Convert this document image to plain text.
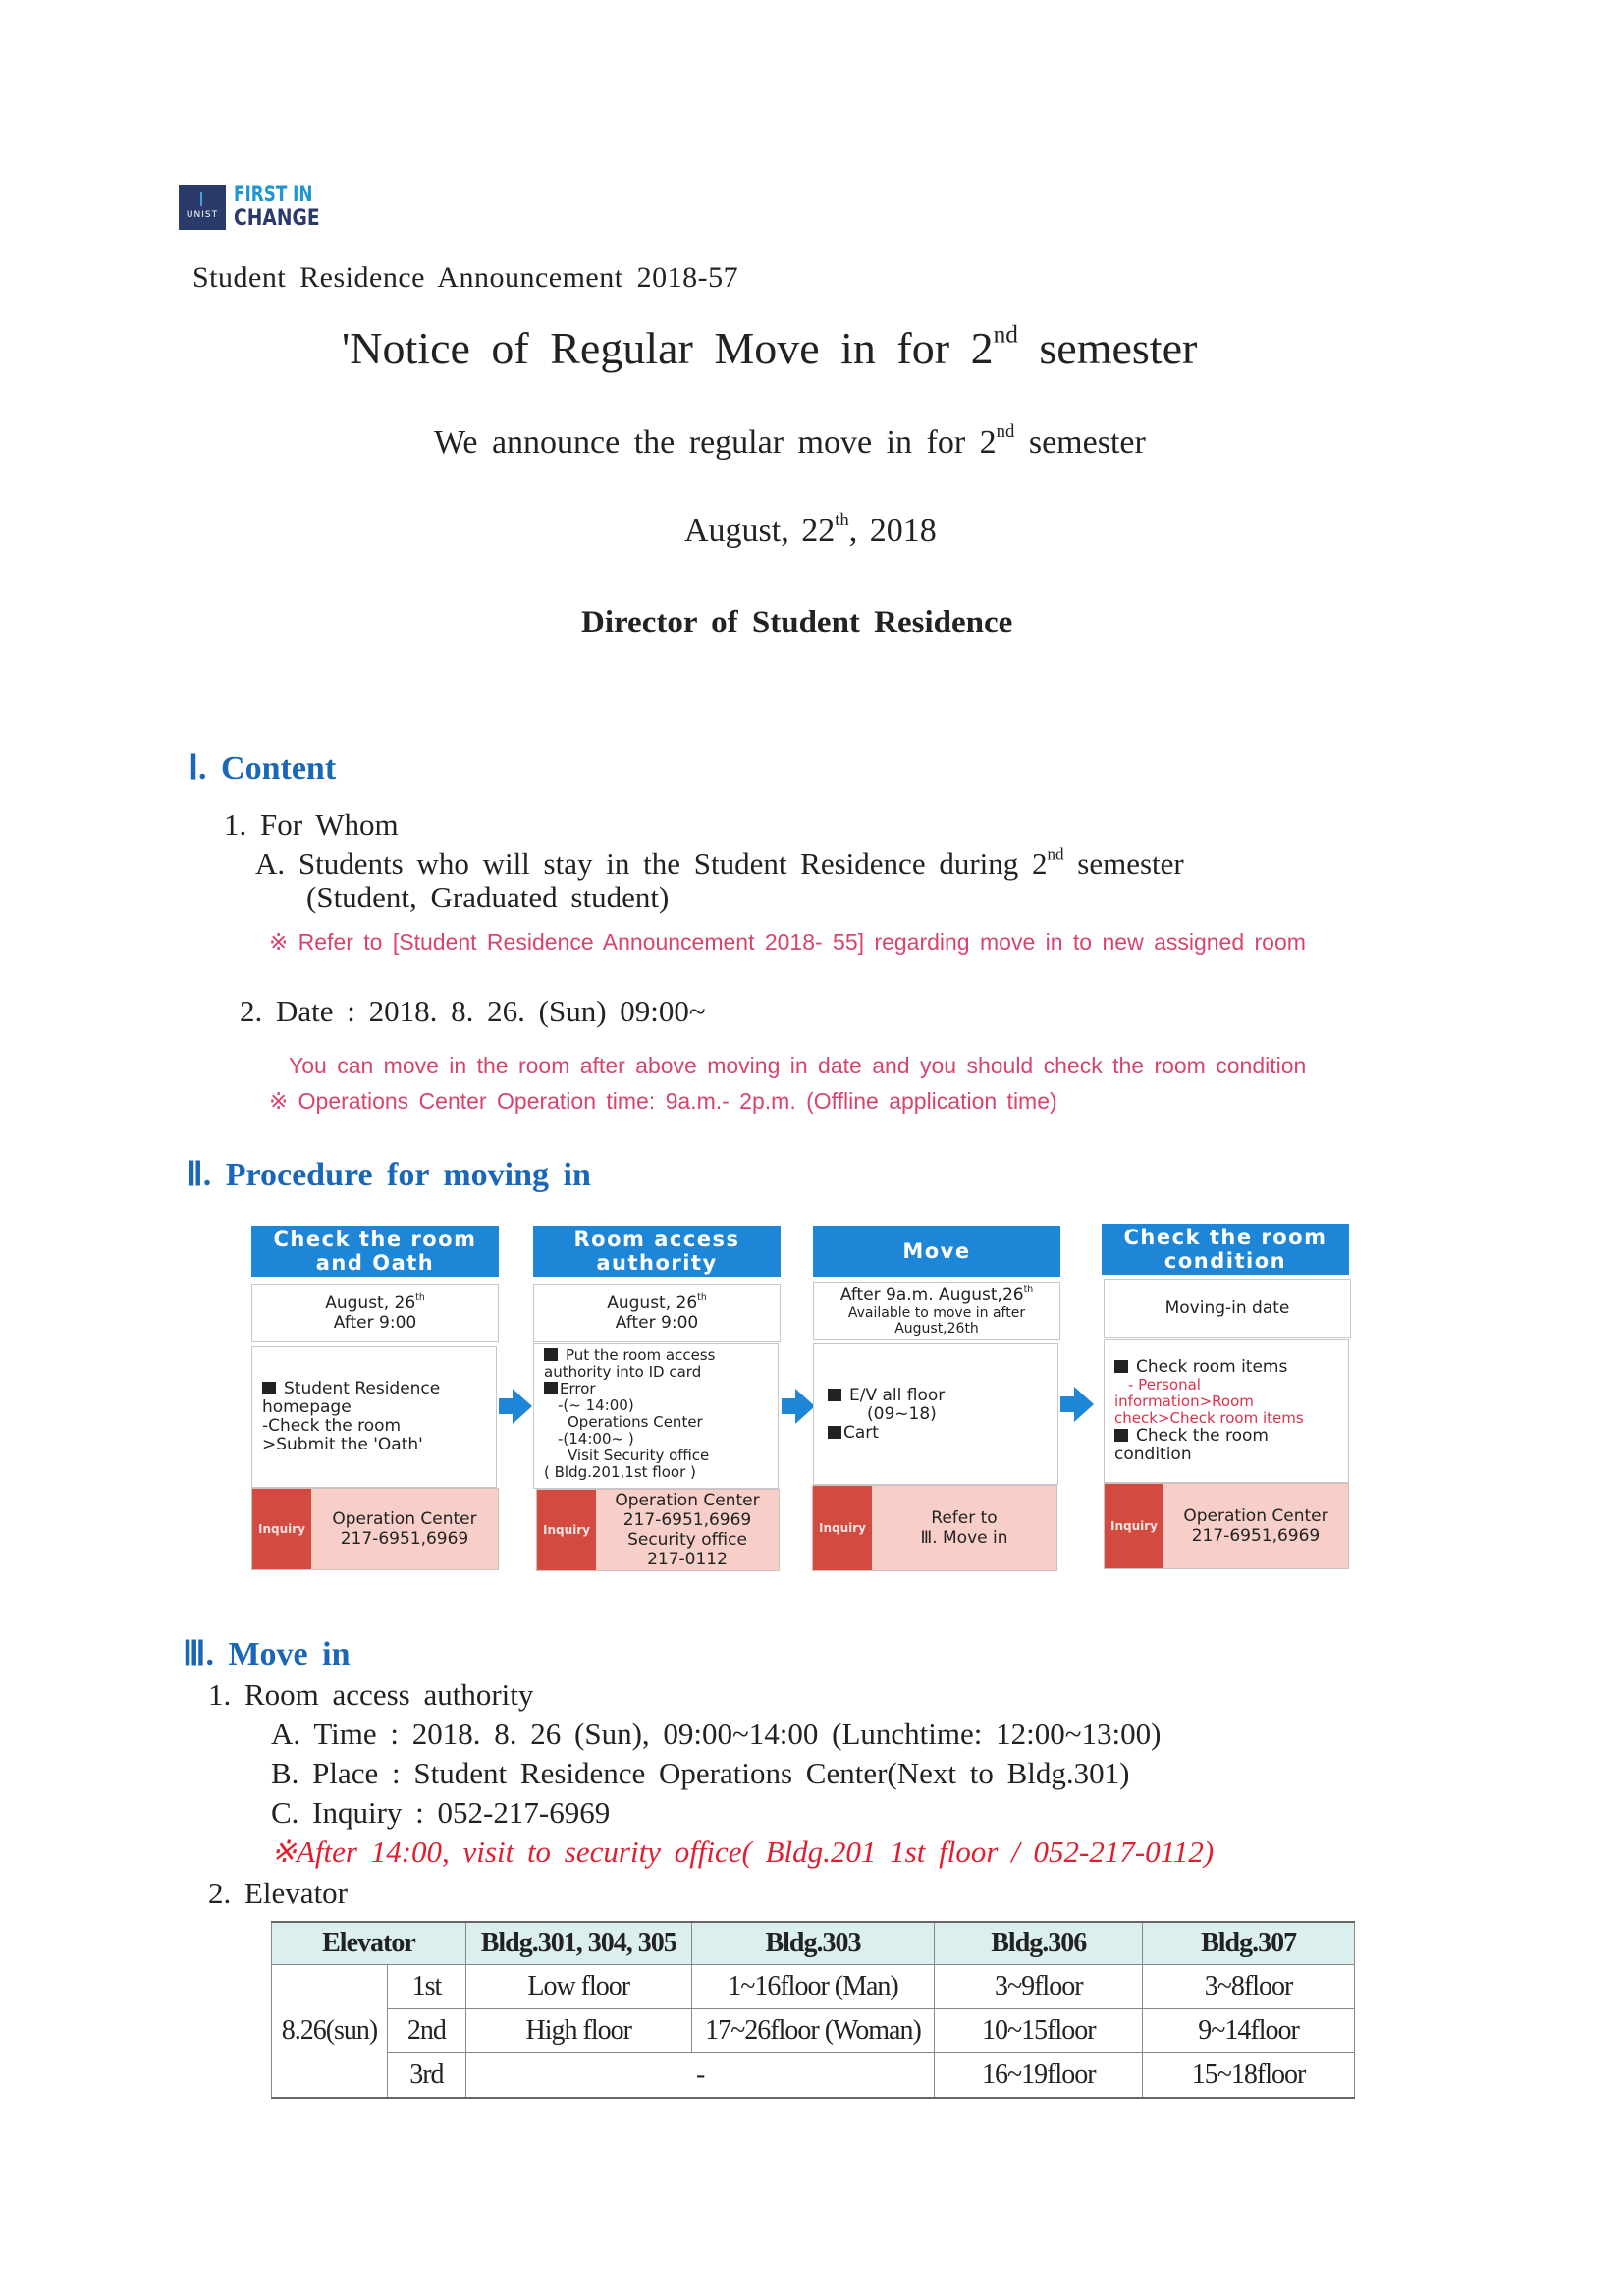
UNIST
FIRST IN
CHANGE
Student Residence Announcement 2018-57
'Notice of Regular Move in for 2nd semester
We announce the regular move in for 2nd semester
August, 22th, 2018
Director of Student Residence
Ⅰ. Content
1. For Whom
A. Students who will stay in the Student Residence during 2nd semester
(Student, Graduated student)
※ Refer to [Student Residence Announcement 2018- 55] regarding move in to new assigned room
2. Date : 2018. 8. 26. (Sun) 09:00~
You can move in the room after above moving in date and you should check the room condition
※ Operations Center Operation time: 9a.m.- 2p.m. (Offline application time)
Ⅱ. Procedure for moving in
Check the room
and Oath
August, 26th
After 9:00
Student Residence homepage
-Check the room
>Submit the 'Oath'
Inquiry	Operation Center
217-6951,6969
Room access
authority
August, 26th
After 9:00
Put the room access authority into ID card
Error
-(~ 14:00)
Operations Center
-(14:00~ )
Visit Security office
( Bldg.201,1st floor )
Inquiry
Operation Center
217-6951,6969
Security office
217-0112
Move
After 9a.m. August,26th
Available to move in after
August,26th
E/V all floor
(09~18)
Cart
Inquiry	Refer to
Ⅲ. Move in
Check the room
condition
Moving-in date
Check room items
- Personal
information>Room
check>Check room items
Check the room condition
Inquiry	Operation Center
217-6951,6969
Ⅲ. Move in
1. Room access authority
A. Time : 2018. 8. 26 (Sun), 09:00~14:00 (Lunchtime: 12:00~13:00)
B. Place : Student Residence Operations Center(Next to Bldg.301)
C. Inquiry : 052-217-6969
※After 14:00, visit to security office( Bldg.201 1st floor / 052-217-0112)
2. Elevator
Elevator		Bldg.301, 304, 305	Bldg.303	Bldg.306	Bldg.307
8.26(sun)	1st	Low floor	1~16floor (Man)	3~9floor	3~8floor
	2nd	High floor	17~26floor (Woman)	10~15floor	9~14floor
	3rd	-		16~19floor	15~18floor
